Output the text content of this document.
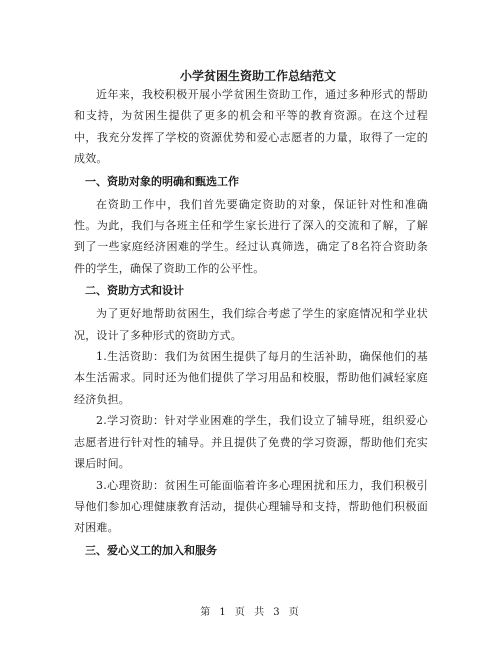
小学贫困生资助工作总结范文

近年来，我校积极开展小学贫困生资助工作，通过多种形式的帮助和支持，为贫困生提供了更多的机会和平等的教育资源。在这个过程中，我充分发挥了学校的资源优势和爱心志愿者的力量，取得了一定的成效。

一、资助对象的明确和甄选工作

在资助工作中，我们首先要确定资助的对象，保证针对性和准确性。为此，我们与各班主任和学生家长进行了深入的交流和了解，了解到了一些家庭经济困难的学生。经过认真筛选，确定了8名符合资助条件的学生，确保了资助工作的公平性。

二、资助方式和设计

为了更好地帮助贫困生，我们综合考虑了学生的家庭情况和学业状况，设计了多种形式的资助方式。

1.生活资助：我们为贫困生提供了每月的生活补助，确保他们的基本生活需求。同时还为他们提供了学习用品和校服，帮助他们减轻家庭经济负担。

2.学习资助：针对学业困难的学生，我们设立了辅导班，组织爱心志愿者进行针对性的辅导。并且提供了免费的学习资源，帮助他们充实课后时间。

3.心理资助：贫困生可能面临着许多心理困扰和压力，我们积极引导他们参加心理健康教育活动，提供心理辅导和支持，帮助他们积极面对困难。

三、爱心义工的加入和服务
第 1 页 共 3 页
